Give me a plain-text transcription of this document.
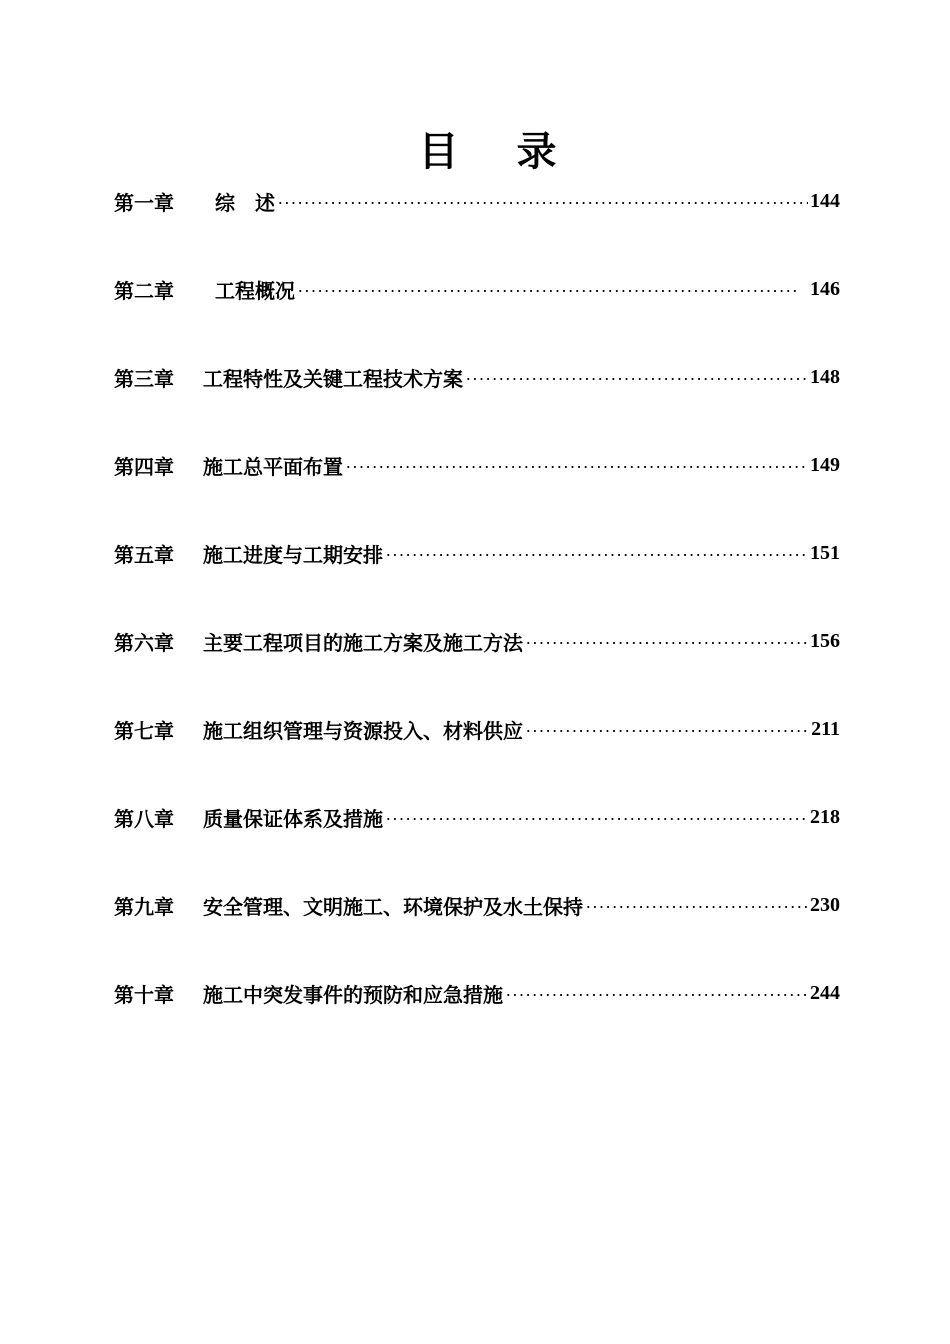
目 录
第一章	综　述	144
第二章	工程概况	146
第三章	工程特性及关键工程技术方案	148
第四章	施工总平面布置	149
第五章	施工进度与工期安排	151
第六章	主要工程项目的施工方案及施工方法	156
第七章	施工组织管理与资源投入、材料供应	211
第八章	质量保证体系及措施	218
第九章	安全管理、文明施工、环境保护及水土保持	230
第十章	施工中突发事件的预防和应急措施	244
